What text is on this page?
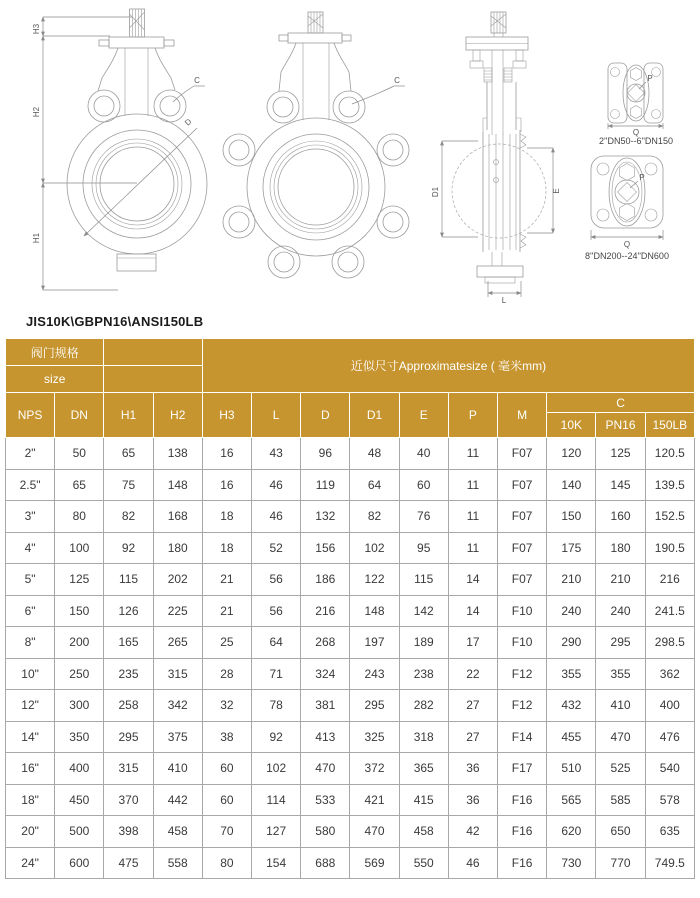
H3
H2
H1
D
C	C
D1	E
L
P
Q
2''DN50--6''DN150
P
Q
8''DN200--24''DN600
JIS10K\GBPN16\ANSI150LB
阀门规格				近似尺寸Approximatesize ( 毫米mm)									
size													
NPS	DN	H1	H2	H3	L	D	D1	E	P	M	C		
											10K	PN16	150LB
2"	50	65	138	16	43	96	48	40	11	F07	120	125	120.5
2.5"	65	75	148	16	46	119	64	60	11	F07	140	145	139.5
3"	80	82	168	18	46	132	82	76	11	F07	150	160	152.5
4"	100	92	180	18	52	156	102	95	11	F07	175	180	190.5
5"	125	115	202	21	56	186	122	115	14	F07	210	210	216
6"	150	126	225	21	56	216	148	142	14	F10	240	240	241.5
8"	200	165	265	25	64	268	197	189	17	F10	290	295	298.5
10"	250	235	315	28	71	324	243	238	22	F12	355	355	362
12"	300	258	342	32	78	381	295	282	27	F12	432	410	400
14"	350	295	375	38	92	413	325	318	27	F14	455	470	476
16"	400	315	410	60	102	470	372	365	36	F17	510	525	540
18"	450	370	442	60	114	533	421	415	36	F16	565	585	578
20"	500	398	458	70	127	580	470	458	42	F16	620	650	635
24"	600	475	558	80	154	688	569	550	46	F16	730	770	749.5
